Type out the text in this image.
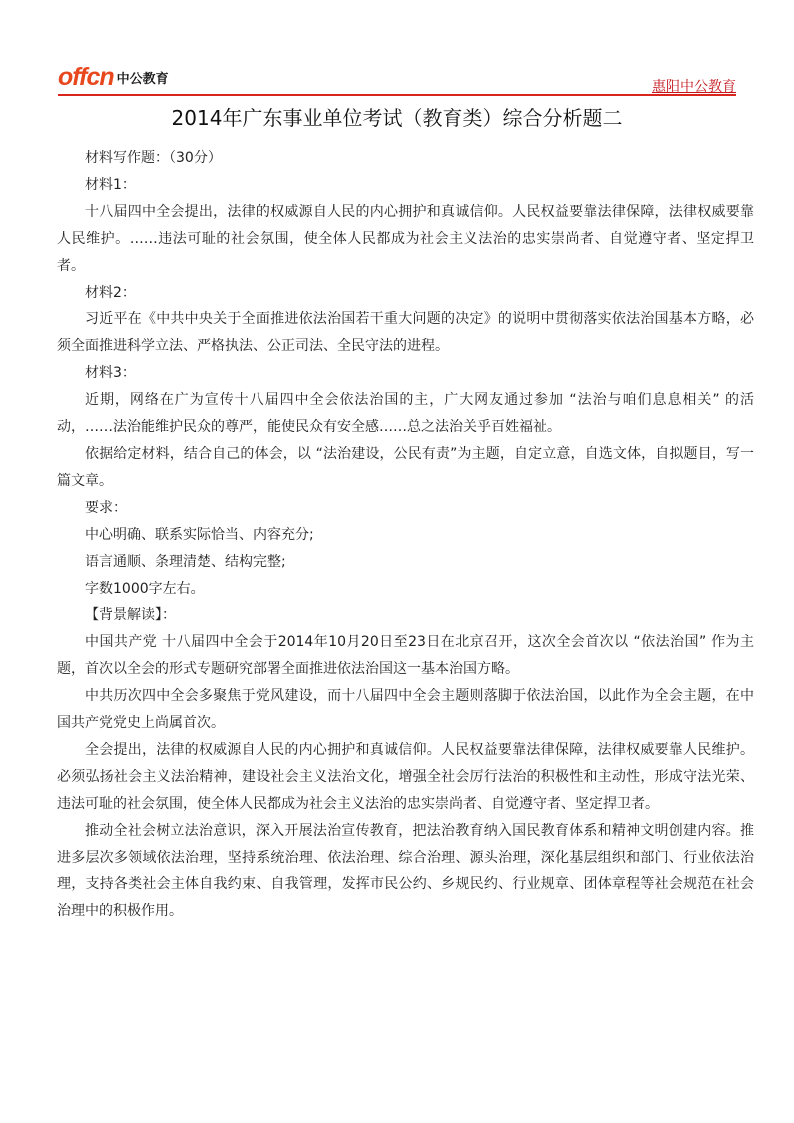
offcn 中公教育	惠阳中公教育
2014年广东事业单位考试（教育类）综合分析题二

材料写作题：（30分）

材料1：

十八届四中全会提出，法律的权威源自人民的内心拥护和真诚信仰。人民权益要靠法律保障，法律权威要靠人民维护。……违法可耻的社会氛围，使全体人民都成为社会主义法治的忠实崇尚者、自觉遵守者、坚定捍卫者。

材料2：

习近平在《中共中央关于全面推进依法治国若干重大问题的决定》的说明中贯彻落实依法治国基本方略，必须全面推进科学立法、严格执法、公正司法、全民守法的进程。

材料3：

近期，网络在广为宣传十八届四中全会依法治国的主，广大网友通过参加 “法治与咱们息息相关” 的活动，……法治能维护民众的尊严，能使民众有安全感……总之法治关乎百姓福祉。

依据给定材料，结合自己的体会，以 “法治建设，公民有责”为主题，自定立意，自选文体，自拟题目，写一篇文章。

要求：

中心明确、联系实际恰当、内容充分;

语言通顺、条理清楚、结构完整;

字数1000字左右。

【背景解读】：

中国共产党 十八届四中全会于2014年10月20日至23日在北京召开，这次全会首次以 “依法治国” 作为主题，首次以全会的形式专题研究部署全面推进依法治国这一基本治国方略。

中共历次四中全会多聚焦于党风建设，而十八届四中全会主题则落脚于依法治国，以此作为全会主题，在中国共产党党史上尚属首次。

全会提出，法律的权威源自人民的内心拥护和真诚信仰。人民权益要靠法律保障，法律权威要靠人民维护。必须弘扬社会主义法治精神，建设社会主义法治文化，增强全社会厉行法治的积极性和主动性，形成守法光荣、违法可耻的社会氛围，使全体人民都成为社会主义法治的忠实崇尚者、自觉遵守者、坚定捍卫者。

推动全社会树立法治意识，深入开展法治宣传教育，把法治教育纳入国民教育体系和精神文明创建内容。推进多层次多领域依法治理，坚持系统治理、依法治理、综合治理、源头治理，深化基层组织和部门、行业依法治理，支持各类社会主体自我约束、自我管理，发挥市民公约、乡规民约、行业规章、团体章程等社会规范在社会治理中的积极作用。
